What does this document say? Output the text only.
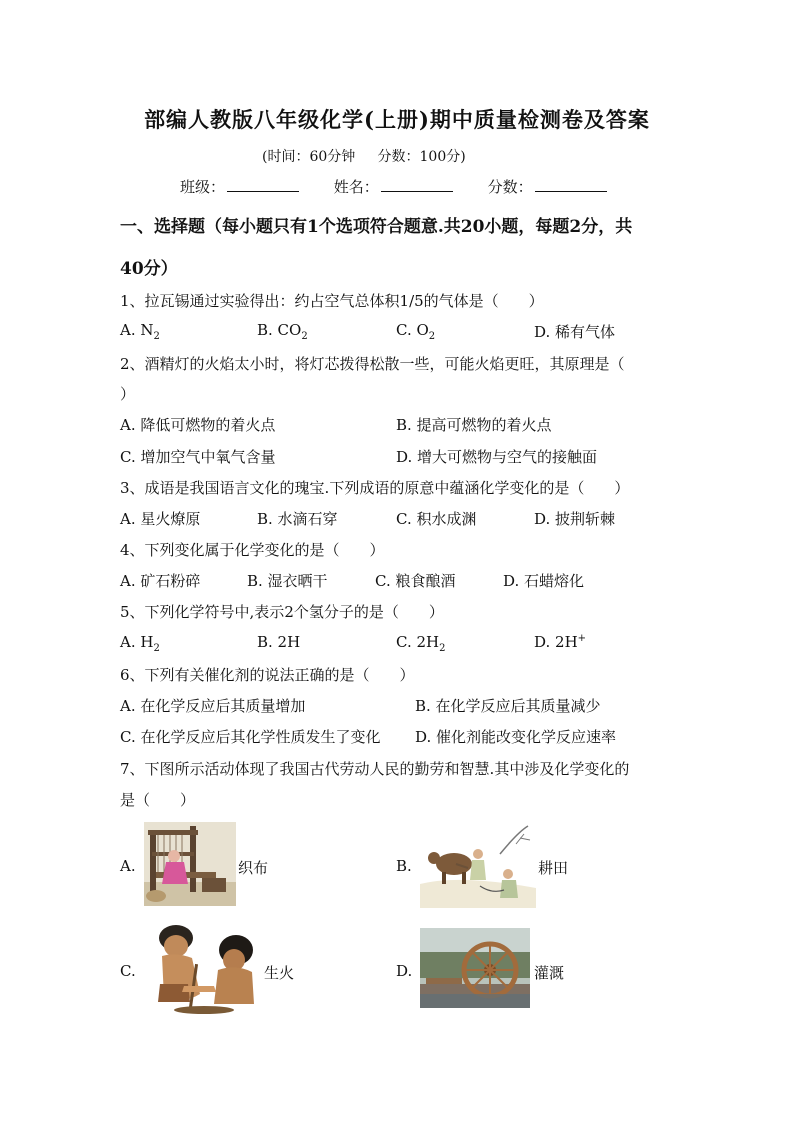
部编人教版八年级化学(上册)期中质量检测卷及答案
(时间：60分钟     分数：100分)
班级：	姓名：	分数：
一、选择题（每小题只有1个选项符合题意.共20小题，每题2分，共
40分）
1、拉瓦锡通过实验得出：约占空气总体积1/5的气体是（　　）
A. $N_2$	B. $CO_2$	C. $O_2$	D. 稀有气体
2、酒精灯的火焰太小时，将灯芯拨得松散一些，可能火焰更旺，其原理是（
）
A. 降低可燃物的着火点	B. 提高可燃物的着火点
C. 增加空气中氧气含量	D. 增大可燃物与空气的接触面
3、成语是我国语言文化的瑰宝.下列成语的原意中蕴涵化学变化的是（　　）
A. 星火燎原	B. 水滴石穿	C. 积水成渊	D. 披荆斩棘
4、下列变化属于化学变化的是（　　）
A. 矿石粉碎	B. 湿衣晒干	C. 粮食酿酒	D. 石蜡熔化
5、下列化学符号中,表示2个氢分子的是（　　）
A. $H_2$	B. 2H	C. $2H_2$	D. 2H+
6、下列有关催化剂的说法正确的是（　　）
A. 在化学反应后其质量增加	B. 在化学反应后其质量减少
C. 在化学反应后其化学性质发生了变化 D. 催化剂能改变化学反应速率
7、下图所示活动体现了我国古代劳动人民的勤劳和智慧.其中涉及化学变化的
是（　　）
A.	织布	B.	耕田
C.	生火	D.	灌溉
